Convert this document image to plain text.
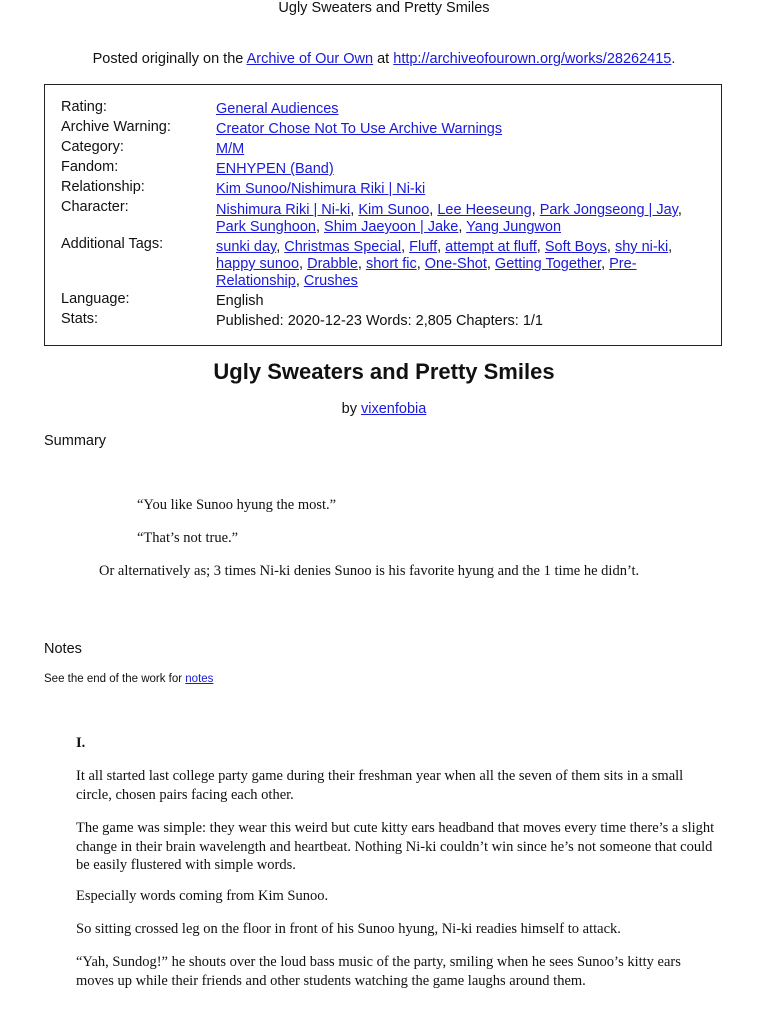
Ugly Sweaters and Pretty Smiles
Posted originally on the Archive of Our Own at http://archiveofourown.org/works/28262415.
Rating:	General Audiences
Archive Warning:	Creator Chose Not To Use Archive Warnings
Category:	M/M
Fandom:	ENHYPEN (Band)
Relationship:	Kim Sunoo/Nishimura Riki | Ni-ki
Character:	Nishimura Riki | Ni-ki, Kim Sunoo, Lee Heeseung, Park Jongseong | Jay, Park Sunghoon, Shim Jaeyoon | Jake, Yang Jungwon
Additional Tags:	sunki day, Christmas Special, Fluff, attempt at fluff, Soft Boys, shy ni-ki, happy sunoo, Drabble, short fic, One-Shot, Getting Together, Pre-Relationship, Crushes
Language:	English
Stats:	Published: 2020-12-23 Words: 2,805 Chapters: 1/1
Ugly Sweaters and Pretty Smiles
by vixenfobia
Summary
“You like Sunoo hyung the most.”
“That’s not true.”
Or alternatively as; 3 times Ni-ki denies Sunoo is his favorite hyung and the 1 time he didn’t.
Notes
See the end of the work for notes
I.
It all started last college party game during their freshman year when all the seven of them sits in a small circle, chosen pairs facing each other.
The game was simple: they wear this weird but cute kitty ears headband that moves every time there’s a slight change in their brain wavelength and heartbeat. Nothing Ni-ki couldn’t win since he’s not someone that could be easily flustered with simple words.
Especially words coming from Kim Sunoo.
So sitting crossed leg on the floor in front of his Sunoo hyung, Ni-ki readies himself to attack.
“Yah, Sundog!” he shouts over the loud bass music of the party, smiling when he sees Sunoo’s kitty ears moves up while their friends and other students watching the game laughs around them.
